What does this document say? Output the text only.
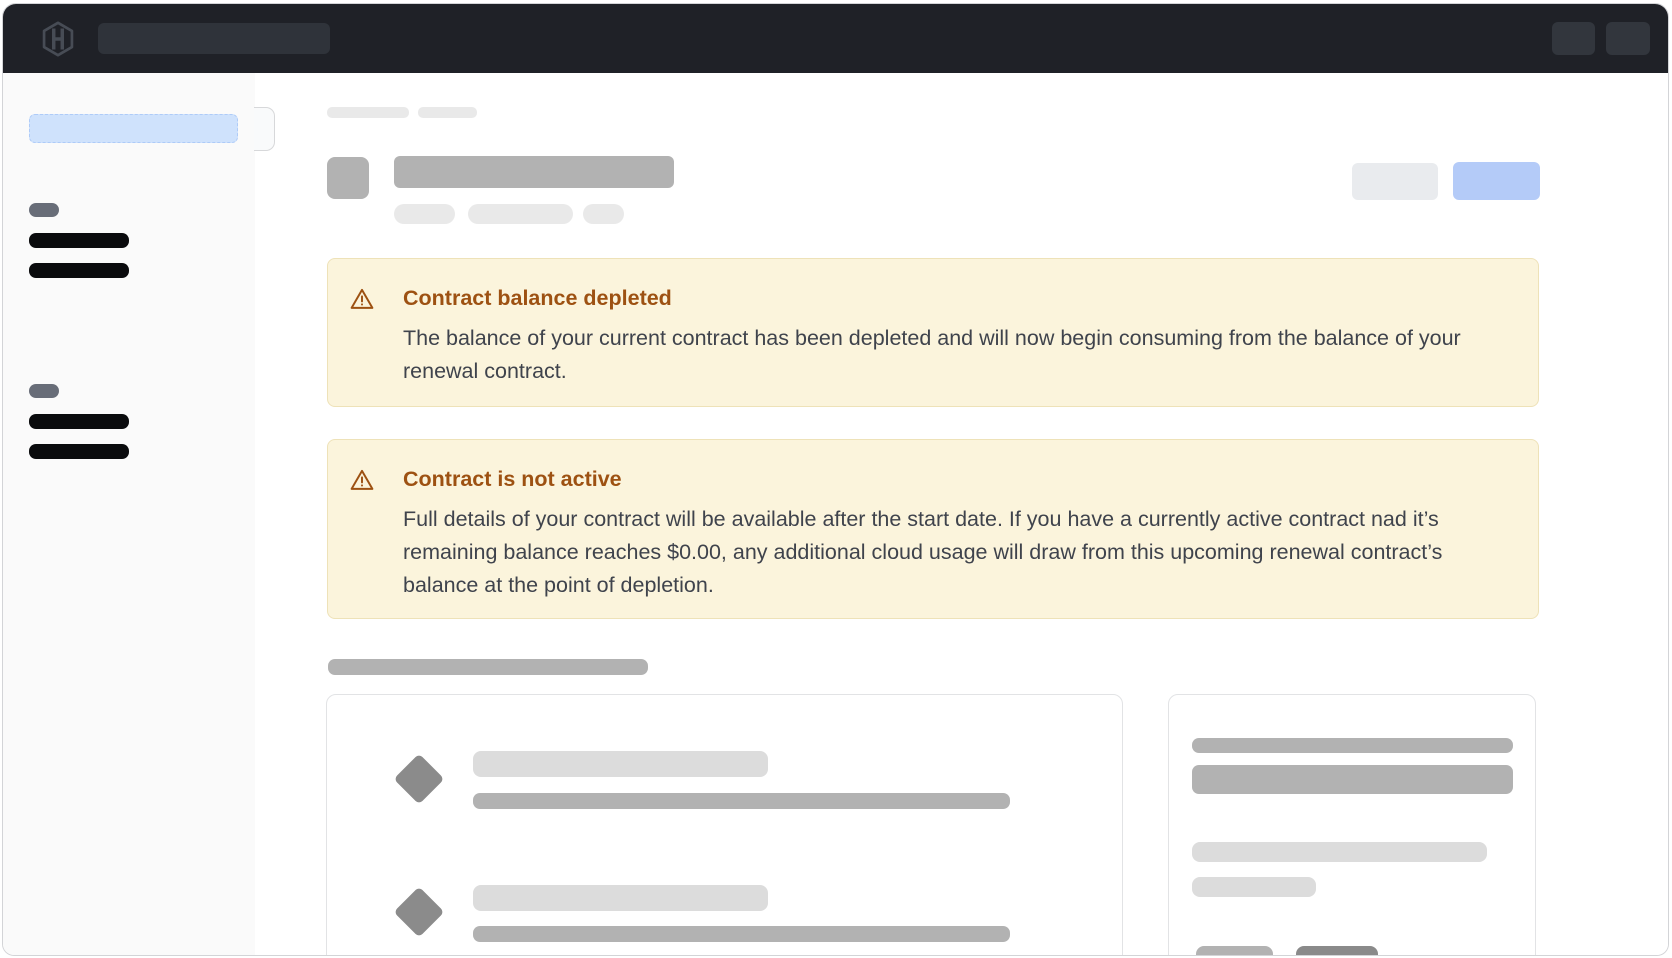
Contract balance depleted

The balance of your current contract has been depleted and will now begin consuming from the balance of your renewal contract.

Contract is not active

Full details of your contract will be available after the start date. If you have a currently active contract nad it’s remaining balance reaches $0.00, any additional cloud usage will draw from this upcoming renewal contract’s balance at the point of depletion.
